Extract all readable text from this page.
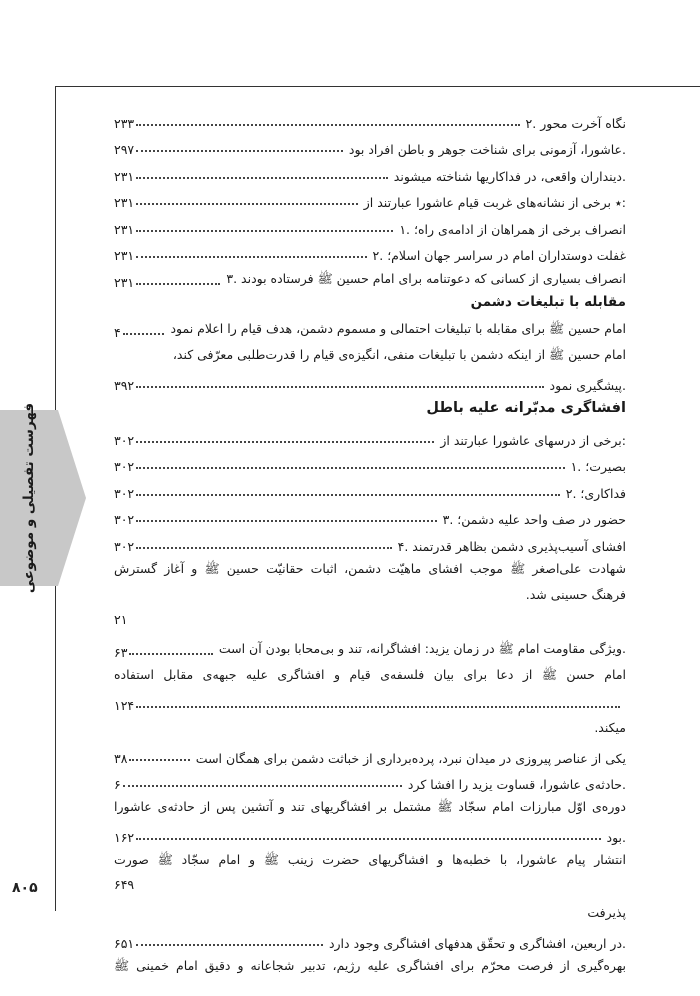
فهرست تفصیلی و موضوعی
۸۰۵
۲. نگاه آخرت محور
۲۳۳
عاشورا، آزمونی برای شناخت جوهر و باطن افراد بود.
۲۹۷
دینداران واقعی، در فداکاریها شناخته میشوند.
۲۳۱
٭ برخی از نشانه‌های غربت قیام عاشورا عبارتند از:
۲۳۱
۱. انصراف برخی از همراهان از ادامه‌ی راه؛
۲۳۱
۲. غفلت دوستداران امام در سراسر جهان اسلام؛
۲۳۱
۳. انصراف بسیاری از کسانی که دعوتنامه برای امام حسین ﷺ فرستاده بودند
۲۳۱
مقابله با تبلیغات دشمن
امام حسین ﷺ برای مقابله با تبلیغات احتمالی و مسموم دشمن، هدف قیام را اعلام نمود
۴
امام حسین ﷺ از اینکه دشمن با تبلیغات منفی، انگیزه‌ی قیام را قدرت‌طلبی معرّفی کند،
پیشگیری نمود.
۳۹۲
افشاگری مدبّرانه علیه باطل
برخی از درسهای عاشورا عبارتند از:
۳۰۲
۱. بصیرت؛
۳۰۲
۲. فداکاری؛
۳۰۲
۳. حضور در صف واحد علیه دشمن؛
۳۰۲
۴. افشای آسیب‌پذیری دشمن بظاهر قدرتمند
۳۰۲
شهادت علی‌اصغر ﷺ موجب افشای ماهیّت دشمن، اثبات حقانیّت حسین ﷺ و آغاز گسترش
فرهنگ حسینی شد.
۲۱
ویژگی مقاومت امام ﷺ در زمان یزید: افشاگرانه، تند و بی‌محابا بودن آن است.
۶۳
امام حسن ﷺ از دعا برای بیان فلسفه‌ی قیام و افشاگری علیه جبهه‌ی مقابل استفاده
۱۲۴
میکند.
یکی از عناصر پیروزی در میدان نبرد، پرده‌برداری از خباثت دشمن برای همگان است
۳۸
حادثه‌ی عاشورا، قساوت یزید را افشا کرد.
۶
دوره‌ی اوّل مبارزات امام سجّاد ﷺ مشتمل بر افشاگریهای تند و آتشین پس از حادثه‌ی عاشورا
بود.
۱۶۲
انتشار پیام عاشورا، با خطبه‌ها و افشاگریهای حضرت زینب ﷺ و امام سجّاد ﷺ صورت
۶۴۹
پذیرفت
در اربعین، افشاگری و تحقّق هدفهای افشاگری وجود دارد.
۶۵۱
بهره‌گیری از فرصت محرّم برای افشاگری علیه رژیم، تدبیر شجاعانه و دقیق امام خمینی ﷺ
